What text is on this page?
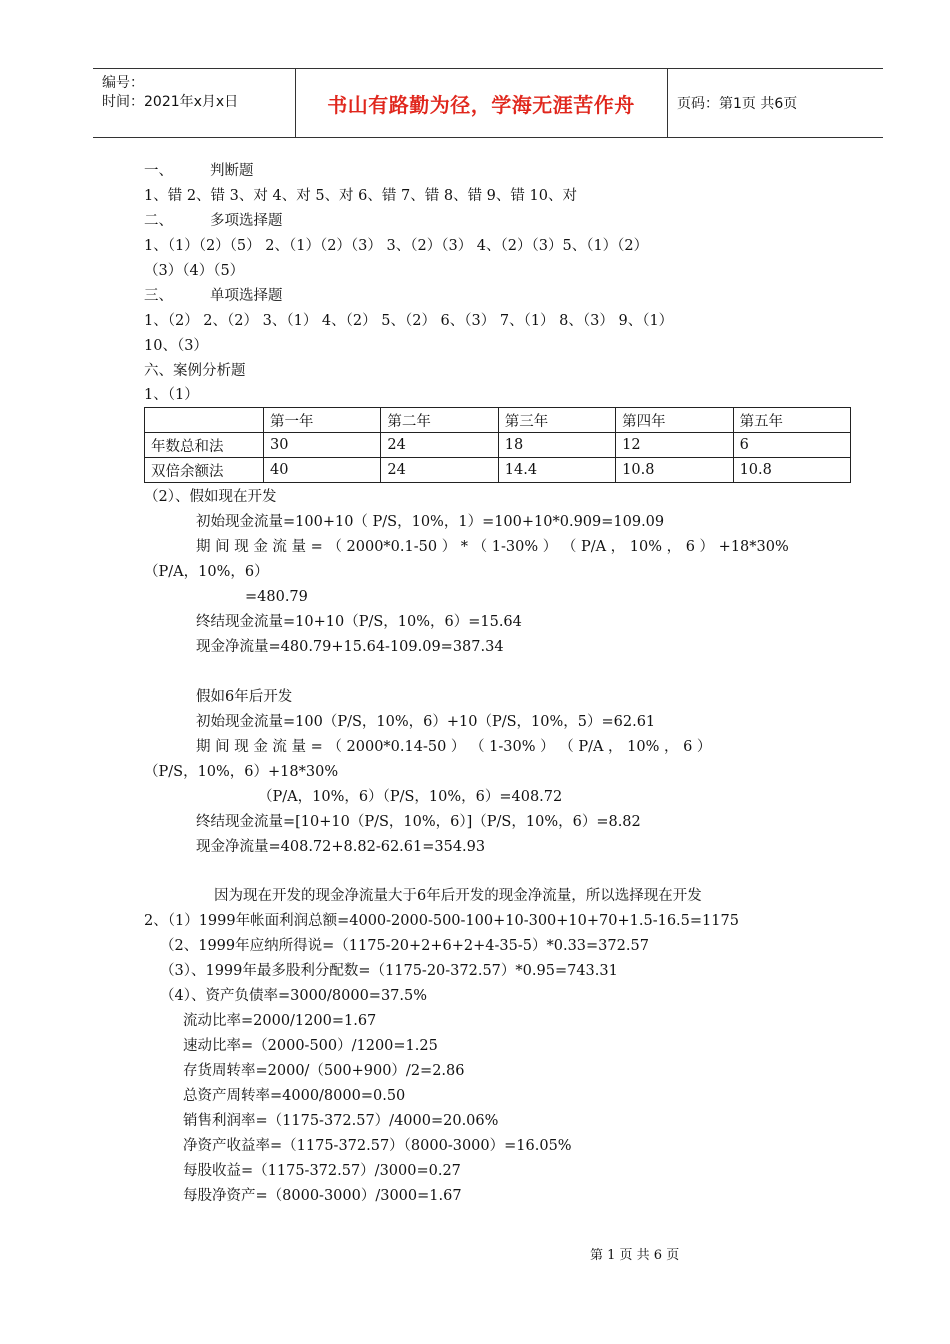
编号：
时间：2021年x月x日	书山有路勤为径，学海无涯苦作舟	页码：第1页 共6页
一、	判断题
1、错 2、错 3、对 4、对 5、对 6、错 7、错 8、错 9、错 10、对
二、	多项选择题
1、（1）（2）（5） 2、（1）（2）（3） 3、（2）（3） 4、（2）（3）5、（1）（2）
（3）（4）（5）
三、	单项选择题
1、（2） 2、（2） 3、（1） 4、（2） 5、（2） 6、（3） 7、（1） 8、（3） 9、（1）
10、（3）
六、案例分析题
1、（1）
	第一年	第二年	第三年	第四年	第五年
年数总和法	30	24	18	12	6
双倍余额法	40	24	14.4	10.8	10.8
（2）、假如现在开发
初始现金流量=100+10（ P/S，10%，1）=100+10*0.909=109.09
期 间 现 金 流 量 = （ 2000*0.1-50 ） * （ 1-30% ） （ P/A ， 10% ， 6 ） +18*30%
（P/A，10%，6）
=480.79
终结现金流量=10+10（P/S，10%，6）=15.64
现金净流量=480.79+15.64-109.09=387.34
假如6年后开发
初始现金流量=100（P/S，10%，6）+10（P/S，10%，5）=62.61
期 间 现 金 流 量 = （ 2000*0.14-50 ） （ 1-30% ） （ P/A ， 10% ， 6 ）
（P/S，10%，6）+18*30%
（P/A，10%，6）（P/S，10%，6）=408.72
终结现金流量=[10+10（P/S，10%，6）]（P/S，10%，6）=8.82
现金净流量=408.72+8.82-62.61=354.93
因为现在开发的现金净流量大于6年后开发的现金净流量，所以选择现在开发
2、（1）1999年帐面利润总额=4000-2000-500-100+10-300+10+70+1.5-16.5=1175
（2、1999年应纳所得说=（1175-20+2+6+2+4-35-5）*0.33=372.57
（3）、1999年最多股利分配数=（1175-20-372.57）*0.95=743.31
（4）、资产负债率=3000/8000=37.5%
流动比率=2000/1200=1.67
速动比率=（2000-500）/1200=1.25
存货周转率=2000/（500+900）/2=2.86
总资产周转率=4000/8000=0.50
销售利润率=（1175-372.57）/4000=20.06%
净资产收益率=（1175-372.57）（8000-3000）=16.05%
每股收益=（1175-372.57）/3000=0.27
每股净资产=（8000-3000）/3000=1.67
第 1 页 共 6 页
